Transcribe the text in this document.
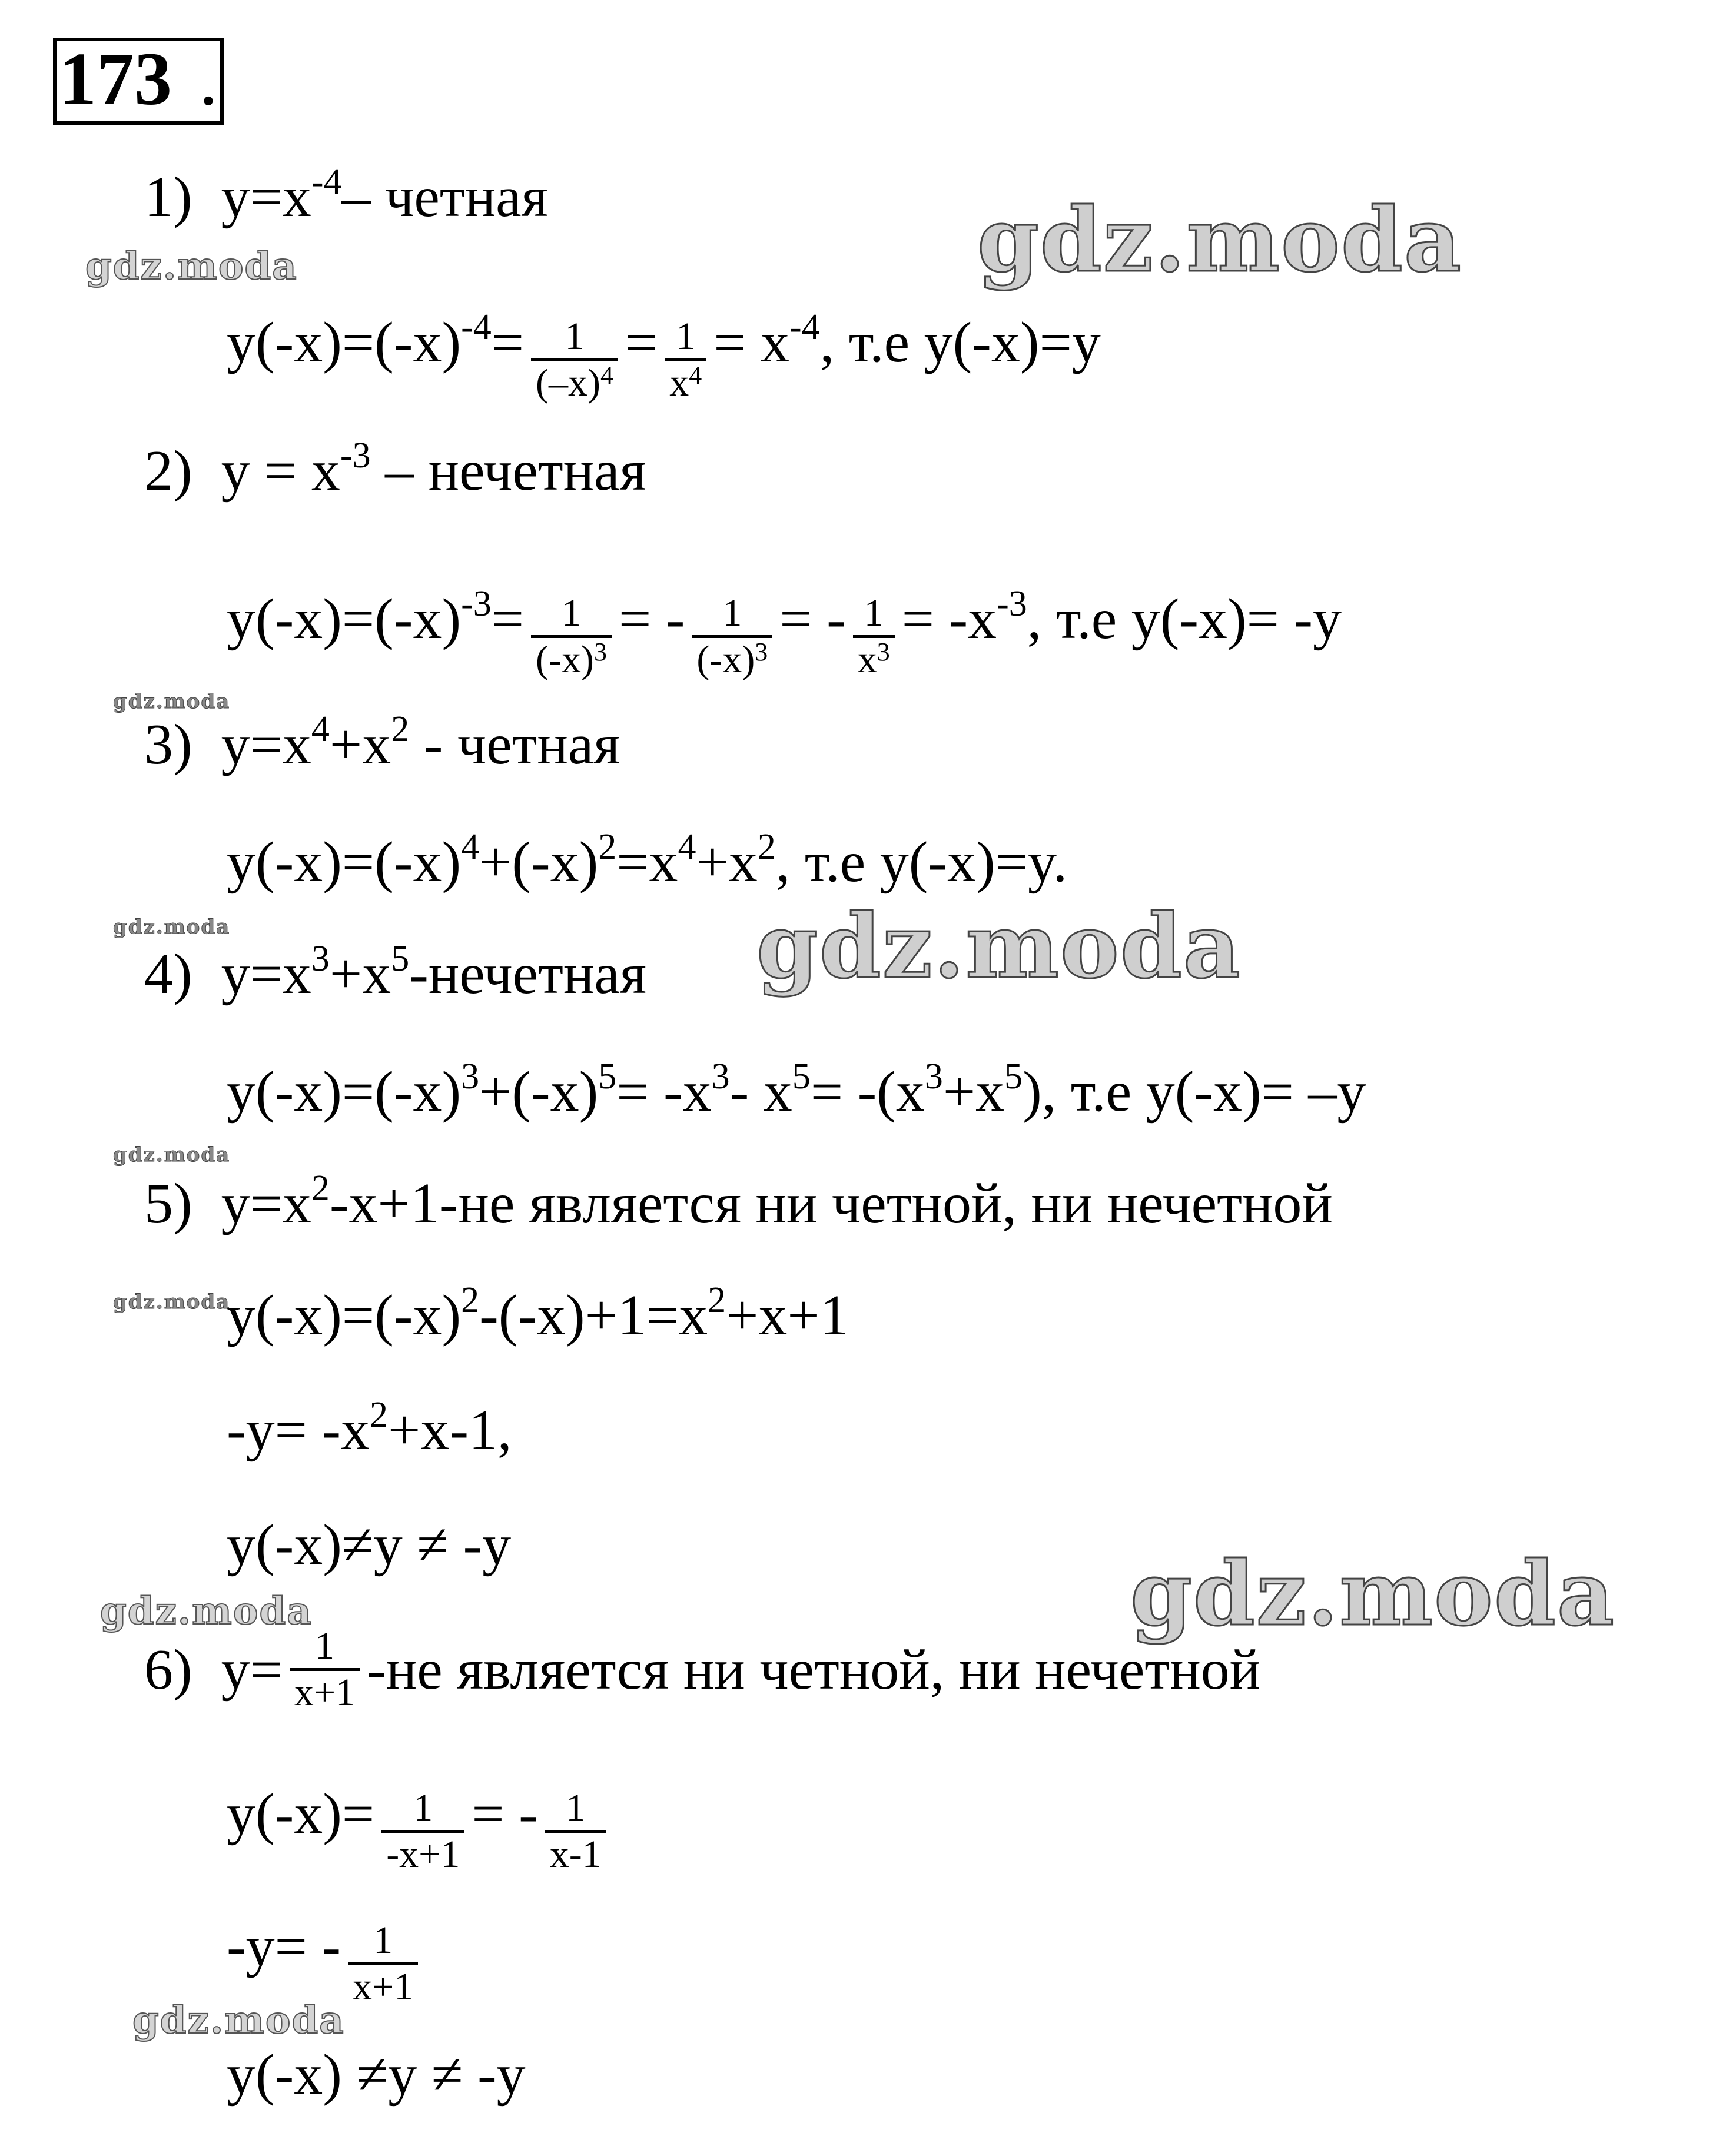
173 .
gdz.moda
gdz.moda
gdz.moda
gdz.moda	gdz.moda
gdz.moda
gdz.moda
gdz.moda
gdz.moda
gdz.moda
1)
$y=x^{-4}$ – четная
$y(-x)=(-x)^{-4} = \frac{1}{(-x)^4} = \frac{1}{x^4} = x^{-4}$ , т.е y(-x)=y
2)
$y = x^{-3}$
– нечетная
$y(-x)=(-x)^{-3} = \frac{1}{(-x)^3}$ = - $\frac{1}{(-x)^3}$ = - $\frac{1}{x^3} = -x^{-3}$ , т.е y(-x)= -y
3)
$y=x^4 +x^2$
- четная
$y(-x)=(-x)^4 +(-x)^2 =x^4 +x^2$ , т.е y(-x)=y.
4)
$y=x^3 +x^5$ -нечетная
$y(-x)=(-x)^3 +(-x)^5 = -x^3 - x^5 = -(x^3 +x^5$ ), т.е y(-x)= –y
5)
$y=x^2$ -x+1-не является ни четной, ни нечетной
$y(-x)=(-x)^2$ $-(-x)+1=x^2 +x+1$
$-y= -x^2 +x-1$,
y(-x)≠y ≠ -y
6)
$y= \frac{1}{x+1} -не$ является ни четной, ни нечетной
$y(-x)= \frac{1}{-x+1}$ = - $\frac{1}{x-1}$
$-y= - \frac{1}{x+1}$
y(-x) ≠y ≠ -y
